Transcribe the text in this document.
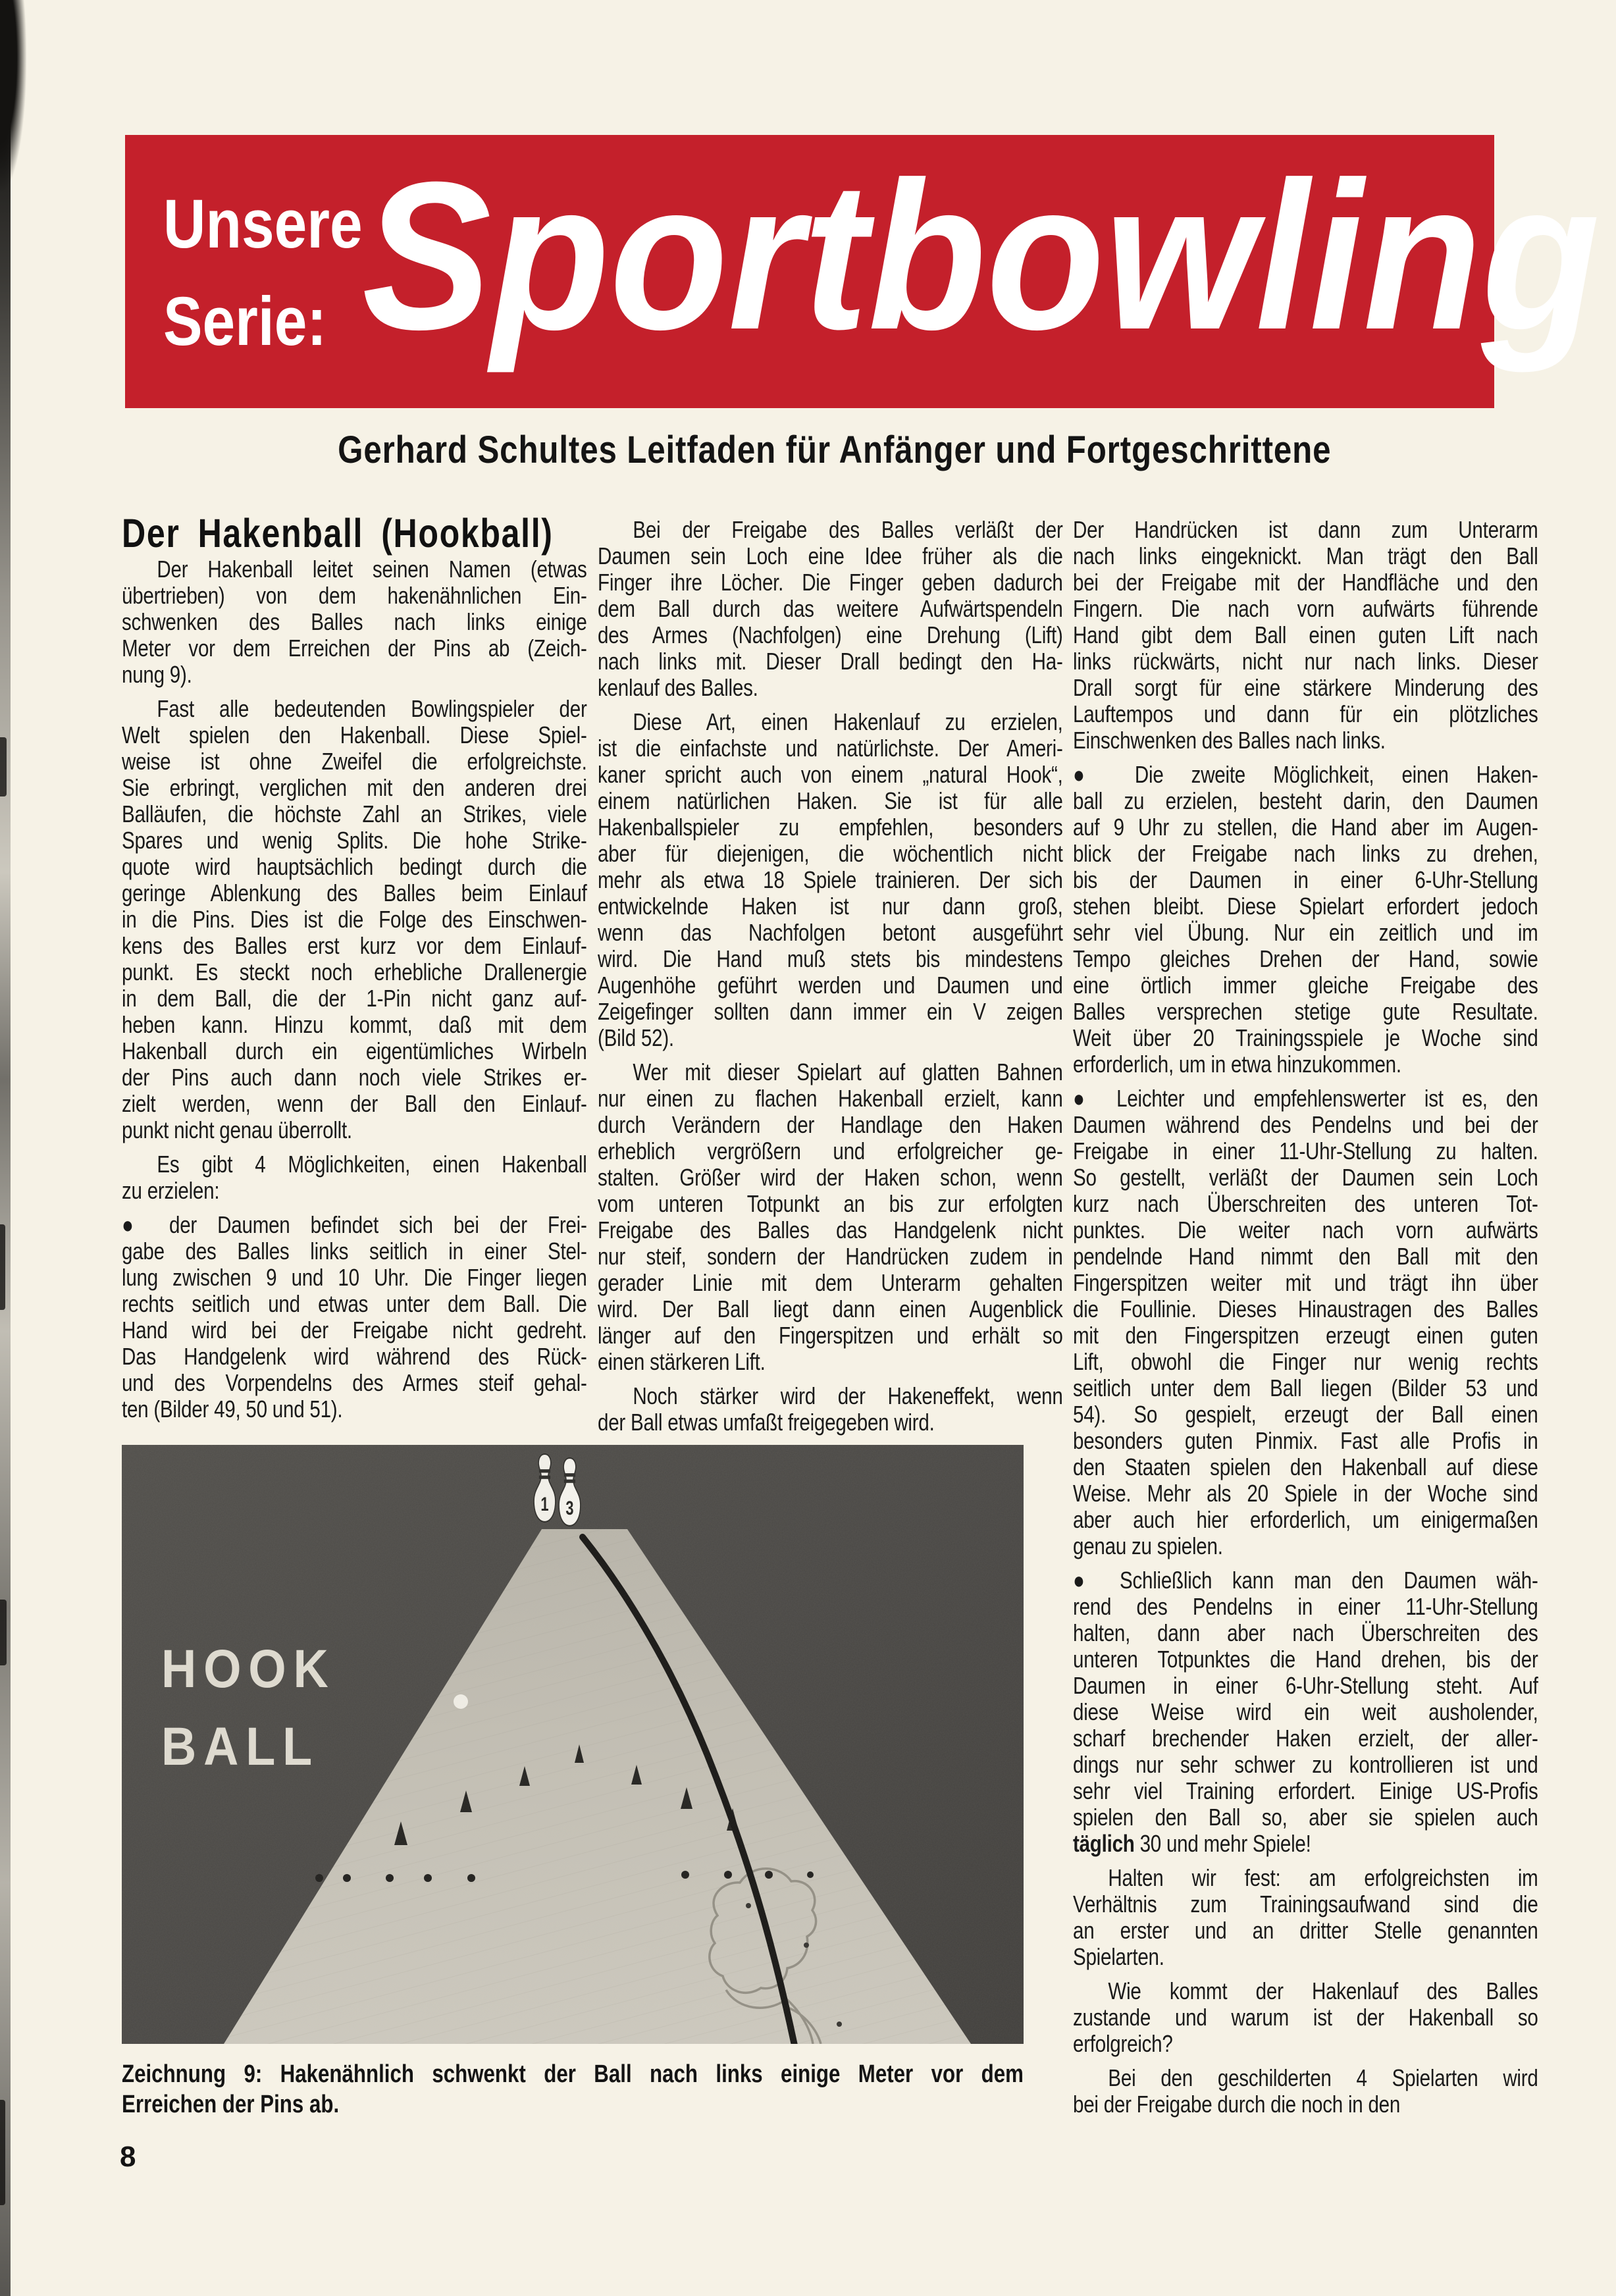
Unsere
Serie: Sportbowling
Gerhard Schultes Leitfaden für Anfänger und Fortgeschrittene
Der Hakenball (Hookball)
Der Hakenball leitet seinen Namen (etwas
übertrieben) von dem hakenähnlichen Ein-
schwenken des Balles nach links einige
Meter vor dem Erreichen der Pins ab (Zeich-
nung 9).
Fast alle bedeutenden Bowlingspieler der
Welt spielen den Hakenball. Diese Spiel-
weise ist ohne Zweifel die erfolgreichste.
Sie erbringt, verglichen mit den anderen drei
Balläufen, die höchste Zahl an Strikes, viele
Spares und wenig Splits. Die hohe Strike-
quote wird hauptsächlich bedingt durch die
geringe Ablenkung des Balles beim Einlauf
in die Pins. Dies ist die Folge des Einschwen-
kens des Balles erst kurz vor dem Einlauf-
punkt. Es steckt noch erhebliche Drallenergie
in dem Ball, die der 1-Pin nicht ganz auf-
heben kann. Hinzu kommt, daß mit dem
Hakenball durch ein eigentümliches Wirbeln
der Pins auch dann noch viele Strikes er-
zielt werden, wenn der Ball den Einlauf-
punkt nicht genau überrollt.
Es gibt 4 Möglichkeiten, einen Hakenball
zu erzielen:
● der Daumen befindet sich bei der Frei-
gabe des Balles links seitlich in einer Stel-
lung zwischen 9 und 10 Uhr. Die Finger liegen
rechts seitlich und etwas unter dem Ball. Die
Hand wird bei der Freigabe nicht gedreht.
Das Handgelenk wird während des Rück-
und des Vorpendelns des Armes steif gehal-
ten (Bilder 49, 50 und 51).
Bei der Freigabe des Balles verläßt der
Daumen sein Loch eine Idee früher als die
Finger ihre Löcher. Die Finger geben dadurch
dem Ball durch das weitere Aufwärtspendeln
des Armes (Nachfolgen) eine Drehung (Lift)
nach links mit. Dieser Drall bedingt den Ha-
kenlauf des Balles.
Diese Art, einen Hakenlauf zu erzielen,
ist die einfachste und natürlichste. Der Ameri-
kaner spricht auch von einem „natural Hook“,
einem natürlichen Haken. Sie ist für alle
Hakenballspieler zu empfehlen, besonders
aber für diejenigen, die wöchentlich nicht
mehr als etwa 18 Spiele trainieren. Der sich
entwickelnde Haken ist nur dann groß,
wenn das Nachfolgen betont ausgeführt
wird. Die Hand muß stets bis mindestens
Augenhöhe geführt werden und Daumen und
Zeigefinger sollten dann immer ein V zeigen
(Bild 52).
Wer mit dieser Spielart auf glatten Bahnen
nur einen zu flachen Hakenball erzielt, kann
durch Verändern der Handlage den Haken
erheblich vergrößern und erfolgreicher ge-
stalten. Größer wird der Haken schon, wenn
vom unteren Totpunkt an bis zur erfolgten
Freigabe des Balles das Handgelenk nicht
nur steif, sondern der Handrücken zudem in
gerader Linie mit dem Unterarm gehalten
wird. Der Ball liegt dann einen Augenblick
länger auf den Fingerspitzen und erhält so
einen stärkeren Lift.
Noch stärker wird der Hakeneffekt, wenn
der Ball etwas umfaßt freigegeben wird.
Der Handrücken ist dann zum Unterarm
nach links eingeknickt. Man trägt den Ball
bei der Freigabe mit der Handfläche und den
Fingern. Die nach vorn aufwärts führende
Hand gibt dem Ball einen guten Lift nach
links rückwärts, nicht nur nach links. Dieser
Drall sorgt für eine stärkere Minderung des
Lauftempos und dann für ein plötzliches
Einschwenken des Balles nach links.
● Die zweite Möglichkeit, einen Haken-
ball zu erzielen, besteht darin, den Daumen
auf 9 Uhr zu stellen, die Hand aber im Augen-
blick der Freigabe nach links zu drehen,
bis der Daumen in einer 6-Uhr-Stellung
stehen bleibt. Diese Spielart erfordert jedoch
sehr viel Übung. Nur ein zeitlich und im
Tempo gleiches Drehen der Hand, sowie
eine örtlich immer gleiche Freigabe des
Balles versprechen stetige gute Resultate.
Weit über 20 Trainingsspiele je Woche sind
erforderlich, um in etwa hinzukommen.
● Leichter und empfehlenswerter ist es, den
Daumen während des Pendelns und bei der
Freigabe in einer 11-Uhr-Stellung zu halten.
So gestellt, verläßt der Daumen sein Loch
kurz nach Überschreiten des unteren Tot-
punktes. Die weiter nach vorn aufwärts
pendelnde Hand nimmt den Ball mit den
Fingerspitzen weiter mit und trägt ihn über
die Foullinie. Dieses Hinaustragen des Balles
mit den Fingerspitzen erzeugt einen guten
Lift, obwohl die Finger nur wenig rechts
seitlich unter dem Ball liegen (Bilder 53 und
54). So gespielt, erzeugt der Ball einen
besonders guten Pinmix. Fast alle Profis in
den Staaten spielen den Hakenball auf diese
Weise. Mehr als 20 Spiele in der Woche sind
aber auch hier erforderlich, um einigermaßen
genau zu spielen.
● Schließlich kann man den Daumen wäh-
rend des Pendelns in einer 11-Uhr-Stellung
halten, dann aber nach Überschreiten des
unteren Totpunktes die Hand drehen, bis der
Daumen in einer 6-Uhr-Stellung steht. Auf
diese Weise wird ein weit ausholender,
scharf brechender Haken erzielt, der aller-
dings nur sehr schwer zu kontrollieren ist und
sehr viel Training erfordert. Einige US-Profis
spielen den Ball so, aber sie spielen auch
täglich 30 und mehr Spiele!
Halten wir fest: am erfolgreichsten im
Verhältnis zum Trainingsaufwand sind die
an erster und an dritter Stelle genannten
Spielarten.
Wie kommt der Hakenlauf des Balles
zustande und warum ist der Hakenball so
erfolgreich?
Bei den geschilderten 4 Spielarten wird
bei der Freigabe durch die noch in den
1 3
HOOK
BALL
Zeichnung 9: Hakenähnlich schwenkt der Ball nach links einige Meter vor dem
Erreichen der Pins ab.
8
